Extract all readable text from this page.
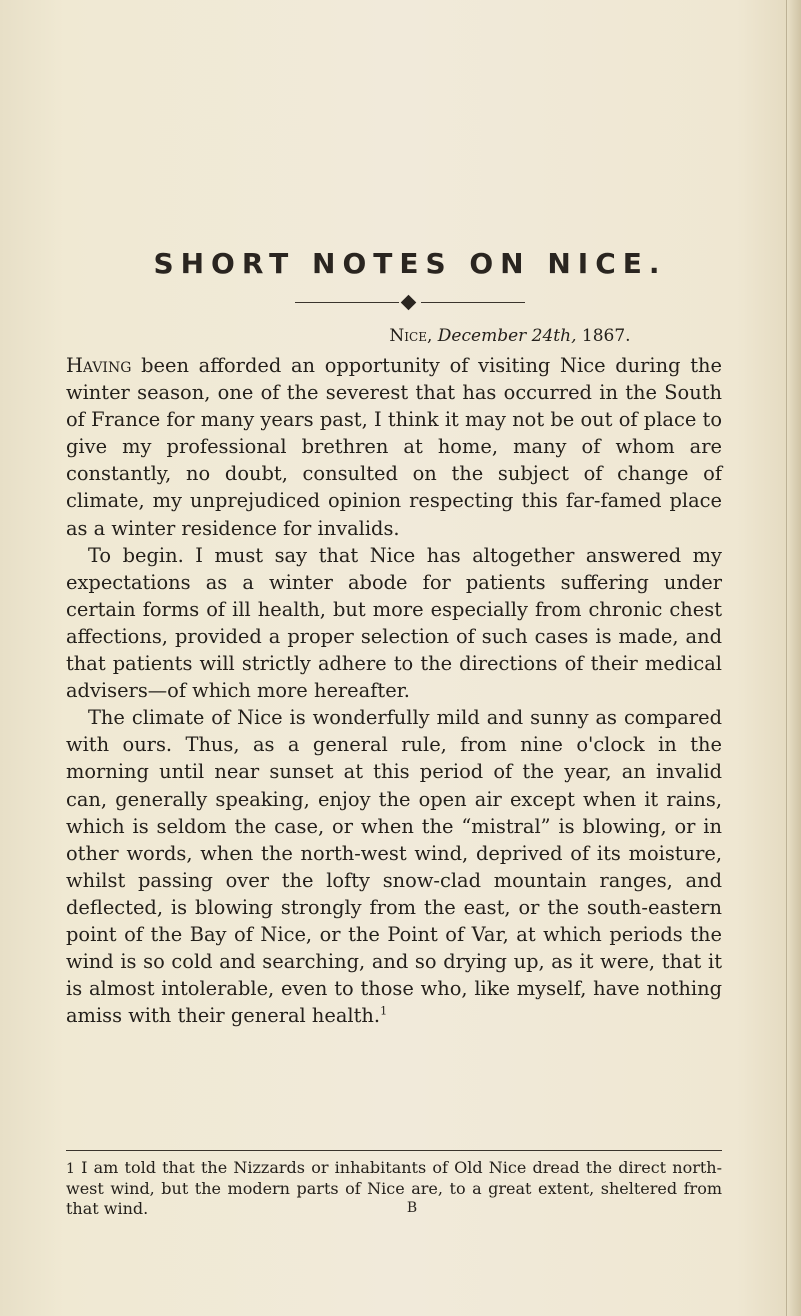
SHORT NOTES ON NICE.
Nice, December 24th, 1867.

Having been afforded an opportunity of visiting Nice during the winter season, one of the severest that has occurred in the South of France for many years past, I think it may not be out of place to give my professional brethren at home, many of whom are constantly, no doubt, consulted on the subject of change of climate, my unprejudiced opinion respecting this far-famed place as a winter residence for invalids.

To begin. I must say that Nice has altogether answered my expectations as a winter abode for patients suffering under certain forms of ill health, but more especially from chronic chest affections, provided a proper selection of such cases is made, and that patients will strictly adhere to the directions of their medical advisers—of which more hereafter.

The climate of Nice is wonderfully mild and sunny as compared with ours. Thus, as a general rule, from nine o'clock in the morning until near sunset at this period of the year, an invalid can, generally speaking, enjoy the open air except when it rains, which is seldom the case, or when the “mistral” is blowing, or in other words, when the north-west wind, deprived of its moisture, whilst passing over the lofty snow-clad mountain ranges, and deflected, is blowing strongly from the east, or the south-eastern point of the Bay of Nice, or the Point of Var, at which periods the wind is so cold and searching, and so drying up, as it were, that it is almost intolerable, even to those who, like myself, have nothing amiss with their general health.$^1$

1 I am told that the Nizzards or inhabitants of Old Nice dread the direct north-west wind, but the modern parts of Nice are, to a great extent, sheltered from that wind.	B
